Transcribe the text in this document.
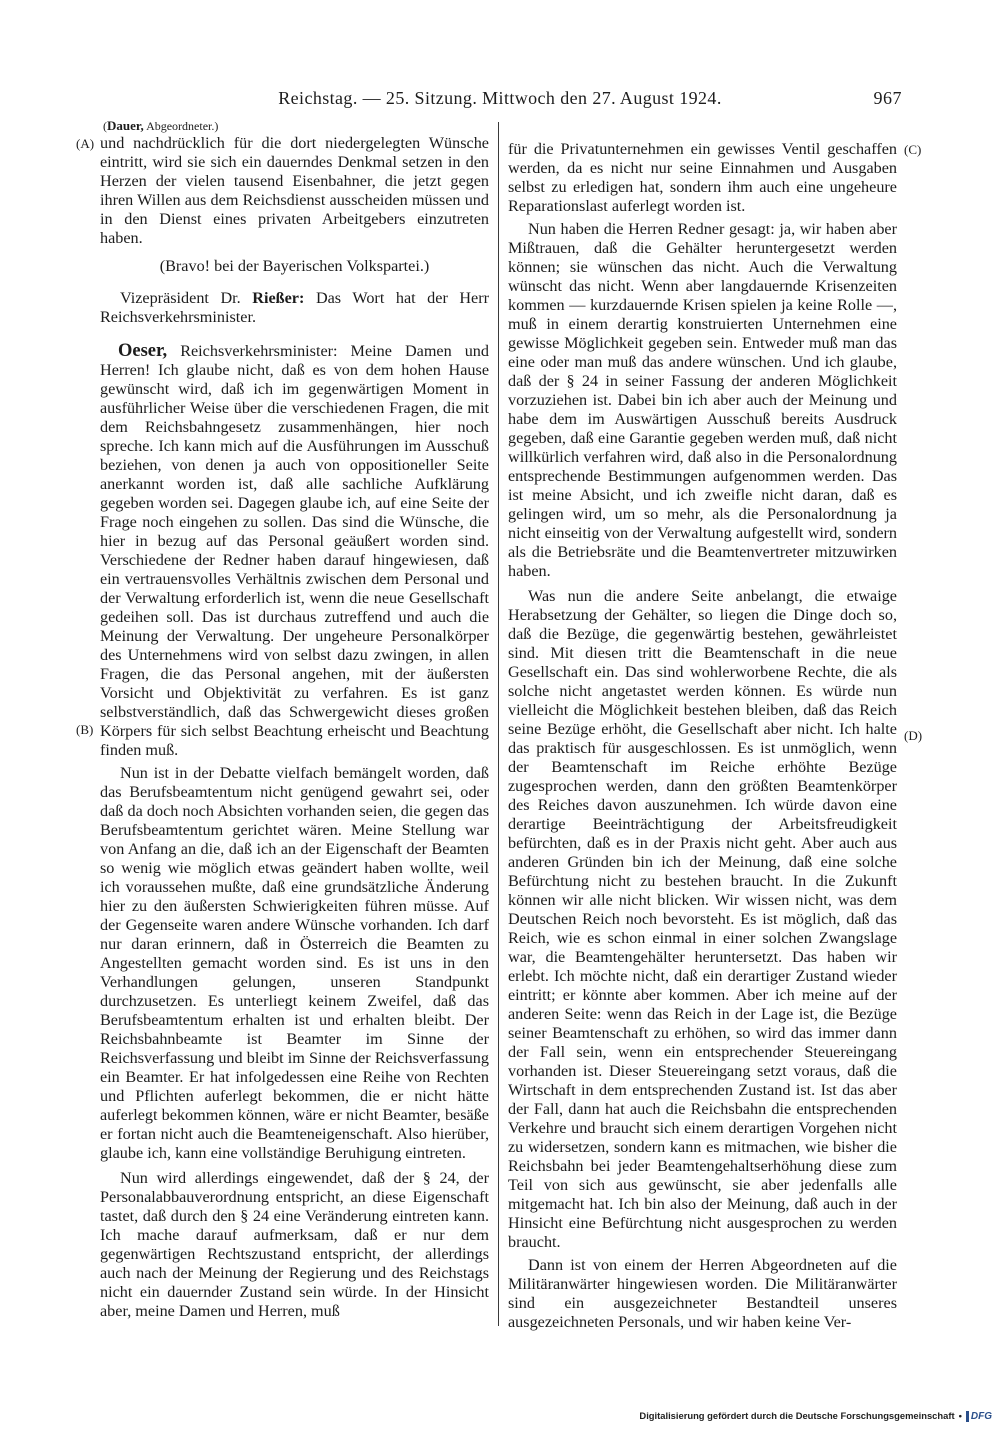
Reichstag. — 25. Sitzung. Mittwoch den 27. August 1924.	967
(A)
(B)
(C)
(D)

(Dauer, Abgeordneter.)

und nachdrücklich für die dort niedergelegten Wünsche eintritt, wird sie sich ein dauerndes Denkmal setzen in den Herzen der vielen tausend Eisenbahner, die jetzt gegen ihren Willen aus dem Reichsdienst ausscheiden müssen und in den Dienst eines privaten Arbeitgebers einzutreten haben.

(Bravo! bei der Bayerischen Volkspartei.)

Vizepräsident Dr. Rießer: Das Wort hat der Herr Reichsverkehrsminister.

Oeser, Reichsverkehrsminister: Meine Damen und Herren! Ich glaube nicht, daß es von dem hohen Hause gewünscht wird, daß ich im gegenwärtigen Moment in ausführlicher Weise über die verschiedenen Fragen, die mit dem Reichsbahngesetz zusammenhängen, hier noch spreche. Ich kann mich auf die Ausführungen im Ausschuß beziehen, von denen ja auch von oppositioneller Seite anerkannt worden ist, daß alle sachliche Aufklärung gegeben worden sei. Dagegen glaube ich, auf eine Seite der Frage noch eingehen zu sollen. Das sind die Wünsche, die hier in bezug auf das Personal geäußert worden sind. Verschiedene der Redner haben darauf hingewiesen, daß ein vertrauensvolles Verhältnis zwischen dem Personal und der Verwaltung erforderlich ist, wenn die neue Gesellschaft gedeihen soll. Das ist durchaus zutreffend und auch die Meinung der Verwaltung. Der ungeheure Personalkörper des Unternehmens wird von selbst dazu zwingen, in allen Fragen, die das Personal angehen, mit der äußersten Vorsicht und Objektivität zu verfahren. Es ist ganz selbstverständlich, daß das Schwergewicht dieses großen Körpers für sich selbst Beachtung erheischt und Beachtung finden muß.

Nun ist in der Debatte vielfach bemängelt worden, daß das Berufsbeamtentum nicht genügend gewahrt sei, oder daß da doch noch Absichten vorhanden seien, die gegen das Berufsbeamtentum gerichtet wären. Meine Stellung war von Anfang an die, daß ich an der Eigenschaft der Beamten so wenig wie möglich etwas geändert haben wollte, weil ich voraussehen mußte, daß eine grundsätzliche Änderung hier zu den äußersten Schwierigkeiten führen müsse. Auf der Gegenseite waren andere Wünsche vorhanden. Ich darf nur daran erinnern, daß in Österreich die Beamten zu Angestellten gemacht worden sind. Es ist uns in den Verhandlungen gelungen, unseren Standpunkt durchzusetzen. Es unterliegt keinem Zweifel, daß das Berufsbeamtentum erhalten ist und erhalten bleibt. Der Reichsbahnbeamte ist Beamter im Sinne der Reichsverfassung und bleibt im Sinne der Reichsverfassung ein Beamter. Er hat infolgedessen eine Reihe von Rechten und Pflichten auferlegt bekommen, die er nicht hätte auferlegt bekommen können, wäre er nicht Beamter, besäße er fortan nicht auch die Beamteneigenschaft. Also hierüber, glaube ich, kann eine vollständige Beruhigung eintreten.

Nun wird allerdings eingewendet, daß der § 24, der Personalabbauverordnung entspricht, an diese Eigenschaft tastet, daß durch den § 24 eine Veränderung eintreten kann. Ich mache darauf aufmerksam, daß er nur dem gegenwärtigen Rechtszustand entspricht, der allerdings auch nach der Meinung der Regierung und des Reichstags nicht ein dauernder Zustand sein würde. In der Hinsicht aber, meine Damen und Herren, muß

für die Privatunternehmen ein gewisses Ventil geschaffen werden, da es nicht nur seine Einnahmen und Ausgaben selbst zu erledigen hat, sondern ihm auch eine ungeheure Reparationslast auferlegt worden ist.

Nun haben die Herren Redner gesagt: ja, wir haben aber Mißtrauen, daß die Gehälter heruntergesetzt werden können; sie wünschen das nicht. Auch die Verwaltung wünscht das nicht. Wenn aber langdauernde Krisenzeiten kommen — kurzdauernde Krisen spielen ja keine Rolle —, muß in einem derartig konstruierten Unternehmen eine gewisse Möglichkeit gegeben sein. Entweder muß man das eine oder man muß das andere wünschen. Und ich glaube, daß der § 24 in seiner Fassung der anderen Möglichkeit vorzuziehen ist. Dabei bin ich aber auch der Meinung und habe dem im Auswärtigen Ausschuß bereits Ausdruck gegeben, daß eine Garantie gegeben werden muß, daß nicht willkürlich verfahren wird, daß also in die Personalordnung entsprechende Bestimmungen aufgenommen werden. Das ist meine Absicht, und ich zweifle nicht daran, daß es gelingen wird, um so mehr, als die Personalordnung ja nicht einseitig von der Verwaltung aufgestellt wird, sondern als die Betriebsräte und die Beamtenvertreter mitzuwirken haben.

Was nun die andere Seite anbelangt, die etwaige Herabsetzung der Gehälter, so liegen die Dinge doch so, daß die Bezüge, die gegenwärtig bestehen, gewährleistet sind. Mit diesen tritt die Beamtenschaft in die neue Gesellschaft ein. Das sind wohlerworbene Rechte, die als solche nicht angetastet werden können. Es würde nun vielleicht die Möglichkeit bestehen bleiben, daß das Reich seine Bezüge erhöht, die Gesellschaft aber nicht. Ich halte das praktisch für ausgeschlossen. Es ist unmöglich, wenn der Beamtenschaft im Reiche erhöhte Bezüge zugesprochen werden, dann den größten Beamtenkörper des Reiches davon auszunehmen. Ich würde davon eine derartige Beeinträchtigung der Arbeitsfreudigkeit befürchten, daß es in der Praxis nicht geht. Aber auch aus anderen Gründen bin ich der Meinung, daß eine solche Befürchtung nicht zu bestehen braucht. In die Zukunft können wir alle nicht blicken. Wir wissen nicht, was dem Deutschen Reich noch bevorsteht. Es ist möglich, daß das Reich, wie es schon einmal in einer solchen Zwangslage war, die Beamtengehälter heruntersetzt. Das haben wir erlebt. Ich möchte nicht, daß ein derartiger Zustand wieder eintritt; er könnte aber kommen. Aber ich meine auf der anderen Seite: wenn das Reich in der Lage ist, die Bezüge seiner Beamtenschaft zu erhöhen, so wird das immer dann der Fall sein, wenn ein entsprechender Steuereingang vorhanden ist. Dieser Steuereingang setzt voraus, daß die Wirtschaft in dem entsprechenden Zustand ist. Ist das aber der Fall, dann hat auch die Reichsbahn die entsprechenden Verkehre und braucht sich einem derartigen Vorgehen nicht zu widersetzen, sondern kann es mitmachen, wie bisher die Reichsbahn bei jeder Beamtengehaltserhöhung diese zum Teil von sich aus gewünscht, sie aber jedenfalls alle mitgemacht hat. Ich bin also der Meinung, daß auch in der Hinsicht eine Befürchtung nicht ausgesprochen zu werden braucht.

Dann ist von einem der Herren Abgeordneten auf die Militäranwärter hingewiesen worden. Die Militäranwärter sind ein ausgezeichneter Bestandteil unseres ausgezeichneten Personals, und wir haben keine Ver-

Digitalisierung gefördert durch die Deutsche Forschungsgemeinschaft • DFG
